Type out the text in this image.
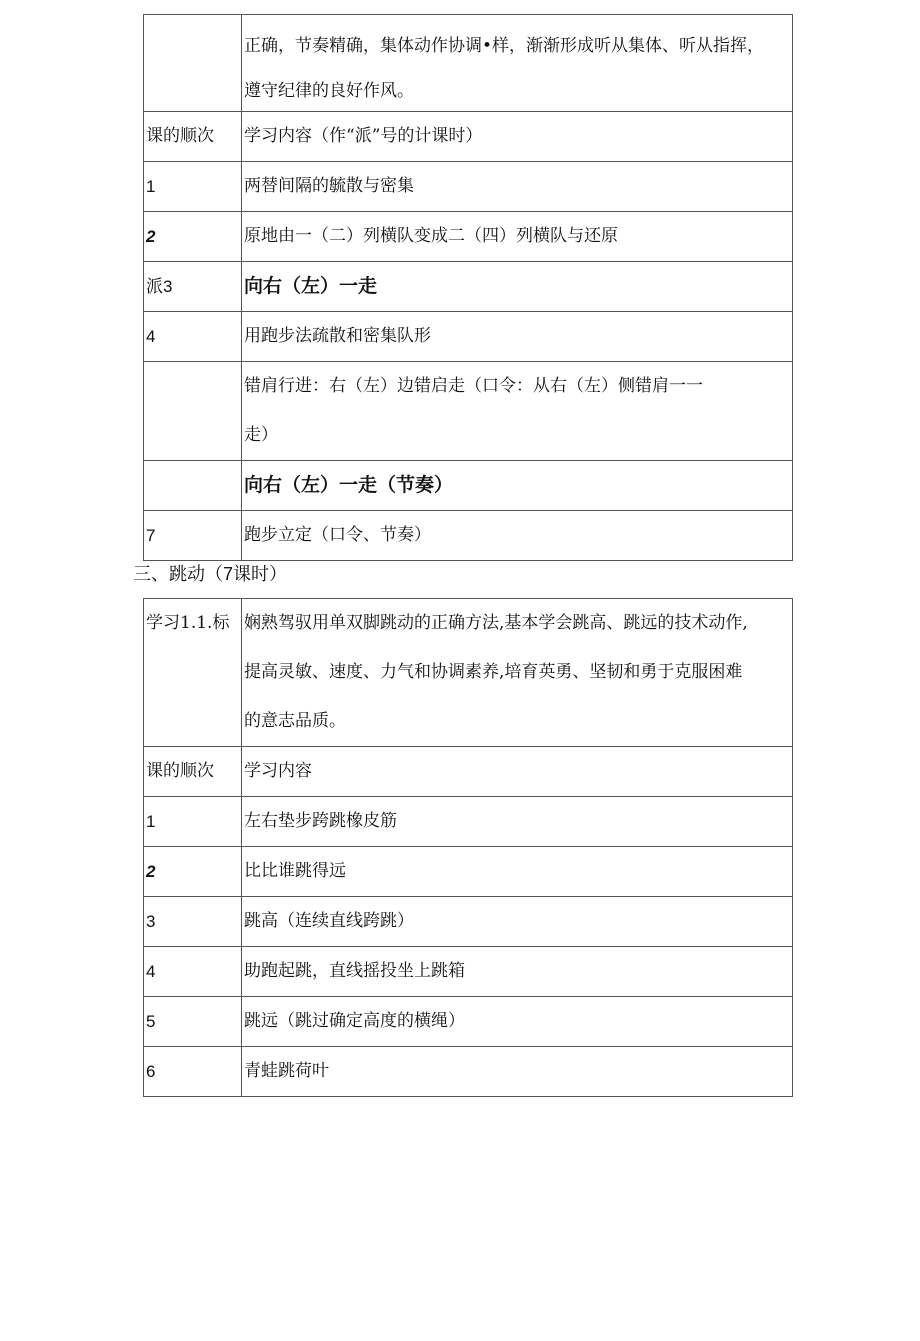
	正确，节奏精确，集体动作协调•样，渐渐形成听从集体、听从指挥，
遵守纪律的良好作风。

课的顺次	学习内容（作“派”号的计课时）
1	两替间隔的毓散与密集
2	原地由一（二）列横队变成二（四）列横队与还原
派3	向右（左）一走
4	用跑步法疏散和密集队形

	错肩行进：右（左）边错启走（口令：从右（左）侧错肩一一
走）

	向右（左）一走（节奏）
7	跑步立定（口令、节奏）
三、跳动（7课时）
学习1.1.标	娴熟驾驭用单双脚跳动的正确方法,基本学会跳高、跳远的技术动作,
提高灵敏、速度、力气和协调素养,培育英勇、坚韧和勇于克服困难
的意志品质。

课的顺次	学习内容
1	左右垫步跨跳橡皮筋
2	比比谁跳得远
3	跳高（连续直线跨跳）
4	助跑起跳，直线摇投坐上跳箱
5	跳远（跳过确定高度的横绳）
6	青蛙跳荷叶
